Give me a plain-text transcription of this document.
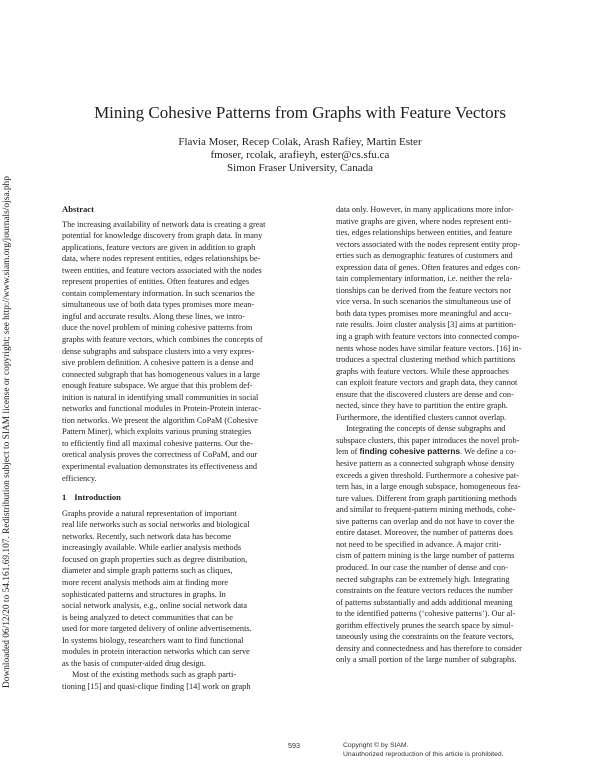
Downloaded 06/12/20 to 54.161.69.107. Redistribution subject to SIAM license or copyright; see http://www.siam.org/journals/ojsa.php
Mining Cohesive Patterns from Graphs with Feature Vectors
Flavia Moser, Recep Colak, Arash Rafiey, Martin Ester
fmoser, rcolak, arafieyh, ester@cs.sfu.ca
Simon Fraser University, Canada

Abstract

The increasing availability of network data is creating a great

potential for knowledge discovery from graph data. In many

applications, feature vectors are given in addition to graph

data, where nodes represent entities, edges relationships be-

tween entities, and feature vectors associated with the nodes

represent properties of entities. Often features and edges

contain complementary information. In such scenarios the

simultaneous use of both data types promises more mean-

ingful and accurate results. Along these lines, we intro-

duce the novel problem of mining cohesive patterns from

graphs with feature vectors, which combines the concepts of

dense subgraphs and subspace clusters into a very expres-

sive problem definition. A cohesive pattern is a dense and

connected subgraph that has homogeneous values in a large

enough feature subspace. We argue that this problem def-

inition is natural in identifying small communities in social

networks and functional modules in Protein-Protein interac-

tion networks. We present the algorithm CoPaM (Cohesive

Pattern Miner), which exploits various pruning strategies

to efficiently find all maximal cohesive patterns. Our the-

oretical analysis proves the correctness of CoPaM, and our

experimental evaluation demonstrates its effectiveness and

efficiency.

1 Introduction

Graphs provide a natural representation of important

real life networks such as social networks and biological

networks. Recently, such network data has become

increasingly available. While earlier analysis methods

focused on graph properties such as degree distribution,

diameter and simple graph patterns such as cliques,

more recent analysis methods aim at finding more

sophisticated patterns and structures in graphs. In

social network analysis, e.g., online social network data

is being analyzed to detect communities that can be

used for more targeted delivery of online advertisements.

In systems biology, researchers want to find functional

modules in protein interaction networks which can serve

as the basis of computer-aided drug design.

Most of the existing methods such as graph parti-

tioning [15] and quasi-clique finding [14] work on graph

data only. However, in many applications more infor-

mative graphs are given, where nodes represent enti-

ties, edges relationships between entities, and feature

vectors associated with the nodes represent entity prop-

erties such as demographic features of customers and

expression data of genes. Often features and edges con-

tain complementary information, i.e. neither the rela-

tionships can be derived from the feature vectors nor

vice versa. In such scenarios the simultaneous use of

both data types promises more meaningful and accu-

rate results. Joint cluster analysis [3] aims at partition-

ing a graph with feature vectors into connected compo-

nents whose nodes have similar feature vectors. [16] in-

troduces a spectral clustering method which partitions

graphs with feature vectors. While these approaches

can exploit feature vectors and graph data, they cannot

ensure that the discovered clusters are dense and con-

nected, since they have to partition the entire graph.

Furthermore, the identified clusters cannot overlap.

Integrating the concepts of dense subgraphs and

subspace clusters, this paper introduces the novel prob-

lem of finding cohesive patterns. We define a co-

hesive pattern as a connected subgraph whose density

exceeds a given threshold. Furthermore a cohesive pat-

tern has, in a large enough subspace, homogeneous fea-

ture values. Different from graph partitioning methods

and similar to frequent-pattern mining methods, cohe-

sive patterns can overlap and do not have to cover the

entire dataset. Moreover, the number of patterns does

not need to be specified in advance. A major criti-

cism of pattern mining is the large number of patterns

produced. In our case the number of dense and con-

nected subgraphs can be extremely high. Integrating

constraints on the feature vectors reduces the number

of patterns substantially and adds additional meaning

to the identified patterns (‘cohesive patterns’). Our al-

gorithm effectively prunes the search space by simul-

taneously using the constraints on the feature vectors,

density and connectedness and has therefore to consider

only a small portion of the large number of subgraphs.

593	Copyright © by SIAM.
Unauthorized reproduction of this article is prohibited.
